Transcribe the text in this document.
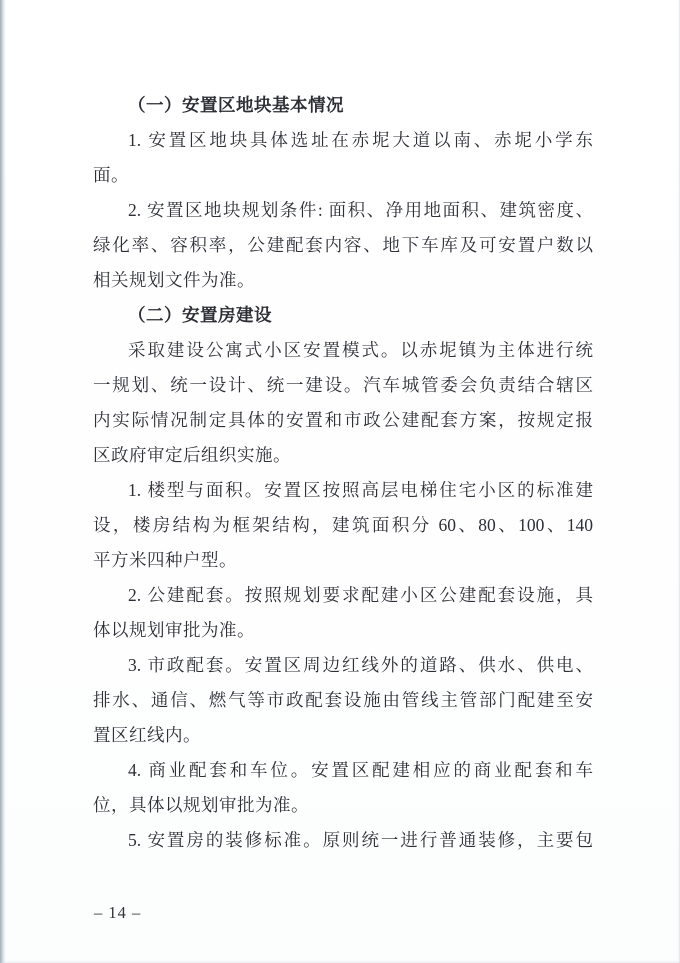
（一）安置区地块基本情况
1. 安置区地块具体选址在赤坭大道以南、赤坭小学东
面。
2. 安置区地块规划条件: 面积、净用地面积、建筑密度、
绿化率、容积率，公建配套内容、地下车库及可安置户数以
相关规划文件为准。
（二）安置房建设
采取建设公寓式小区安置模式。以赤坭镇为主体进行统
一规划、统一设计、统一建设。汽车城管委会负责结合辖区
内实际情况制定具体的安置和市政公建配套方案，按规定报
区政府审定后组织实施。
1. 楼型与面积。安置区按照高层电梯住宅小区的标准建
设，楼房结构为框架结构，建筑面积分 60、80、100、140
平方米四种户型。
2. 公建配套。按照规划要求配建小区公建配套设施，具
体以规划审批为准。
3. 市政配套。安置区周边红线外的道路、供水、供电、
排水、通信、燃气等市政配套设施由管线主管部门配建至安
置区红线内。
4. 商业配套和车位。安置区配建相应的商业配套和车
位，具体以规划审批为准。
5. 安置房的装修标准。原则统一进行普通装修，主要包
– 14 –
